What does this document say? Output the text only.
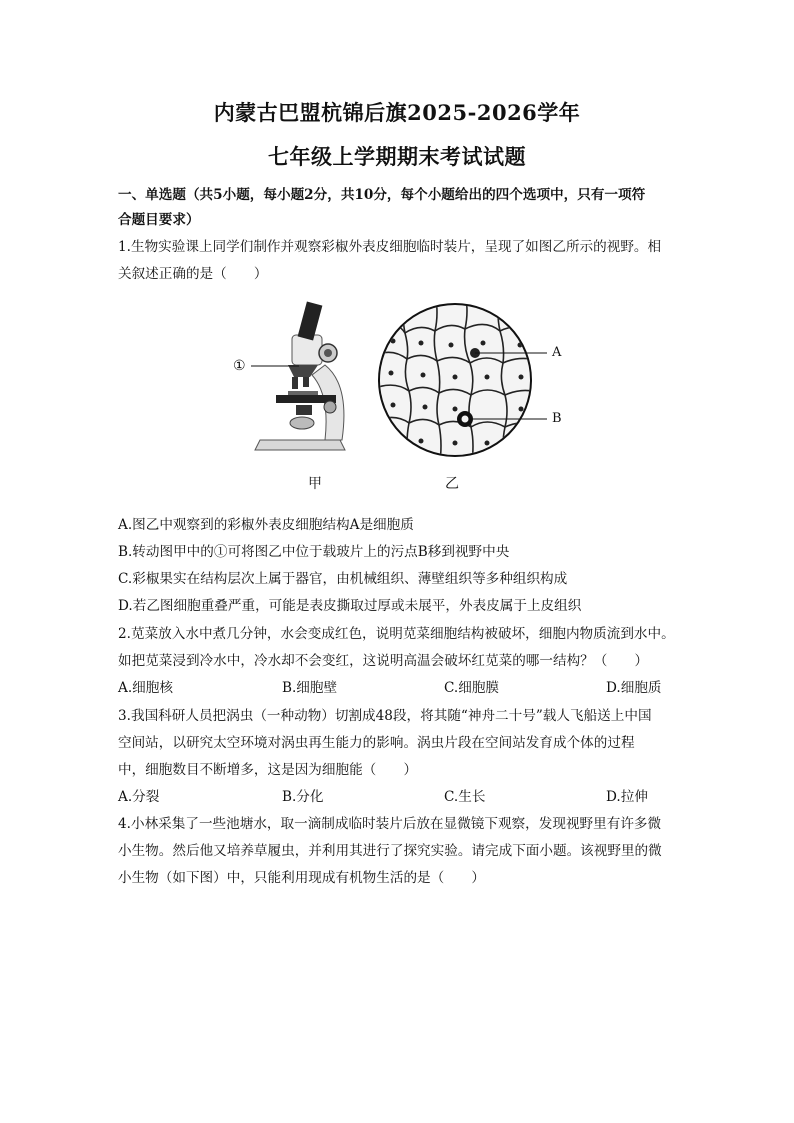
内蒙古巴盟杭锦后旗2025-2026学年
七年级上学期期末考试试题
一、单选题（共5小题，每小题2分，共10分，每个小题给出的四个选项中，只有一项符
合题目要求）
1.生物实验课上同学们制作并观察彩椒外表皮细胞临时装片，呈现了如图乙所示的视野。相
关叙述正确的是（　　）
①
A
B
甲	乙
A.图乙中观察到的彩椒外表皮细胞结构A是细胞质
B.转动图甲中的①可将图乙中位于载玻片上的污点B移到视野中央
C.彩椒果实在结构层次上属于器官，由机械组织、薄壁组织等多种组织构成
D.若乙图细胞重叠严重，可能是表皮撕取过厚或未展平，外表皮属于上皮组织
2.苋菜放入水中煮几分钟，水会变成红色，说明苋菜细胞结构被破坏，细胞内物质流到水中。
如把苋菜浸到冷水中，冷水却不会变红，这说明高温会破坏红苋菜的哪一结构？（　　）
A.细胞核	B.细胞壁	C.细胞膜	D.细胞质
3.我国科研人员把涡虫（一种动物）切割成48段，将其随“神舟二十号”载人飞船送上中国
空间站，以研究太空环境对涡虫再生能力的影响。涡虫片段在空间站发育成个体的过程
中，细胞数目不断增多，这是因为细胞能（　　）
A.分裂	B.分化	C.生长	D.拉伸
4.小林采集了一些池塘水，取一滴制成临时装片后放在显微镜下观察，发现视野里有许多微
小生物。然后他又培养草履虫，并利用其进行了探究实验。请完成下面小题。该视野里的微
小生物（如下图）中，只能利用现成有机物生活的是（　　）
